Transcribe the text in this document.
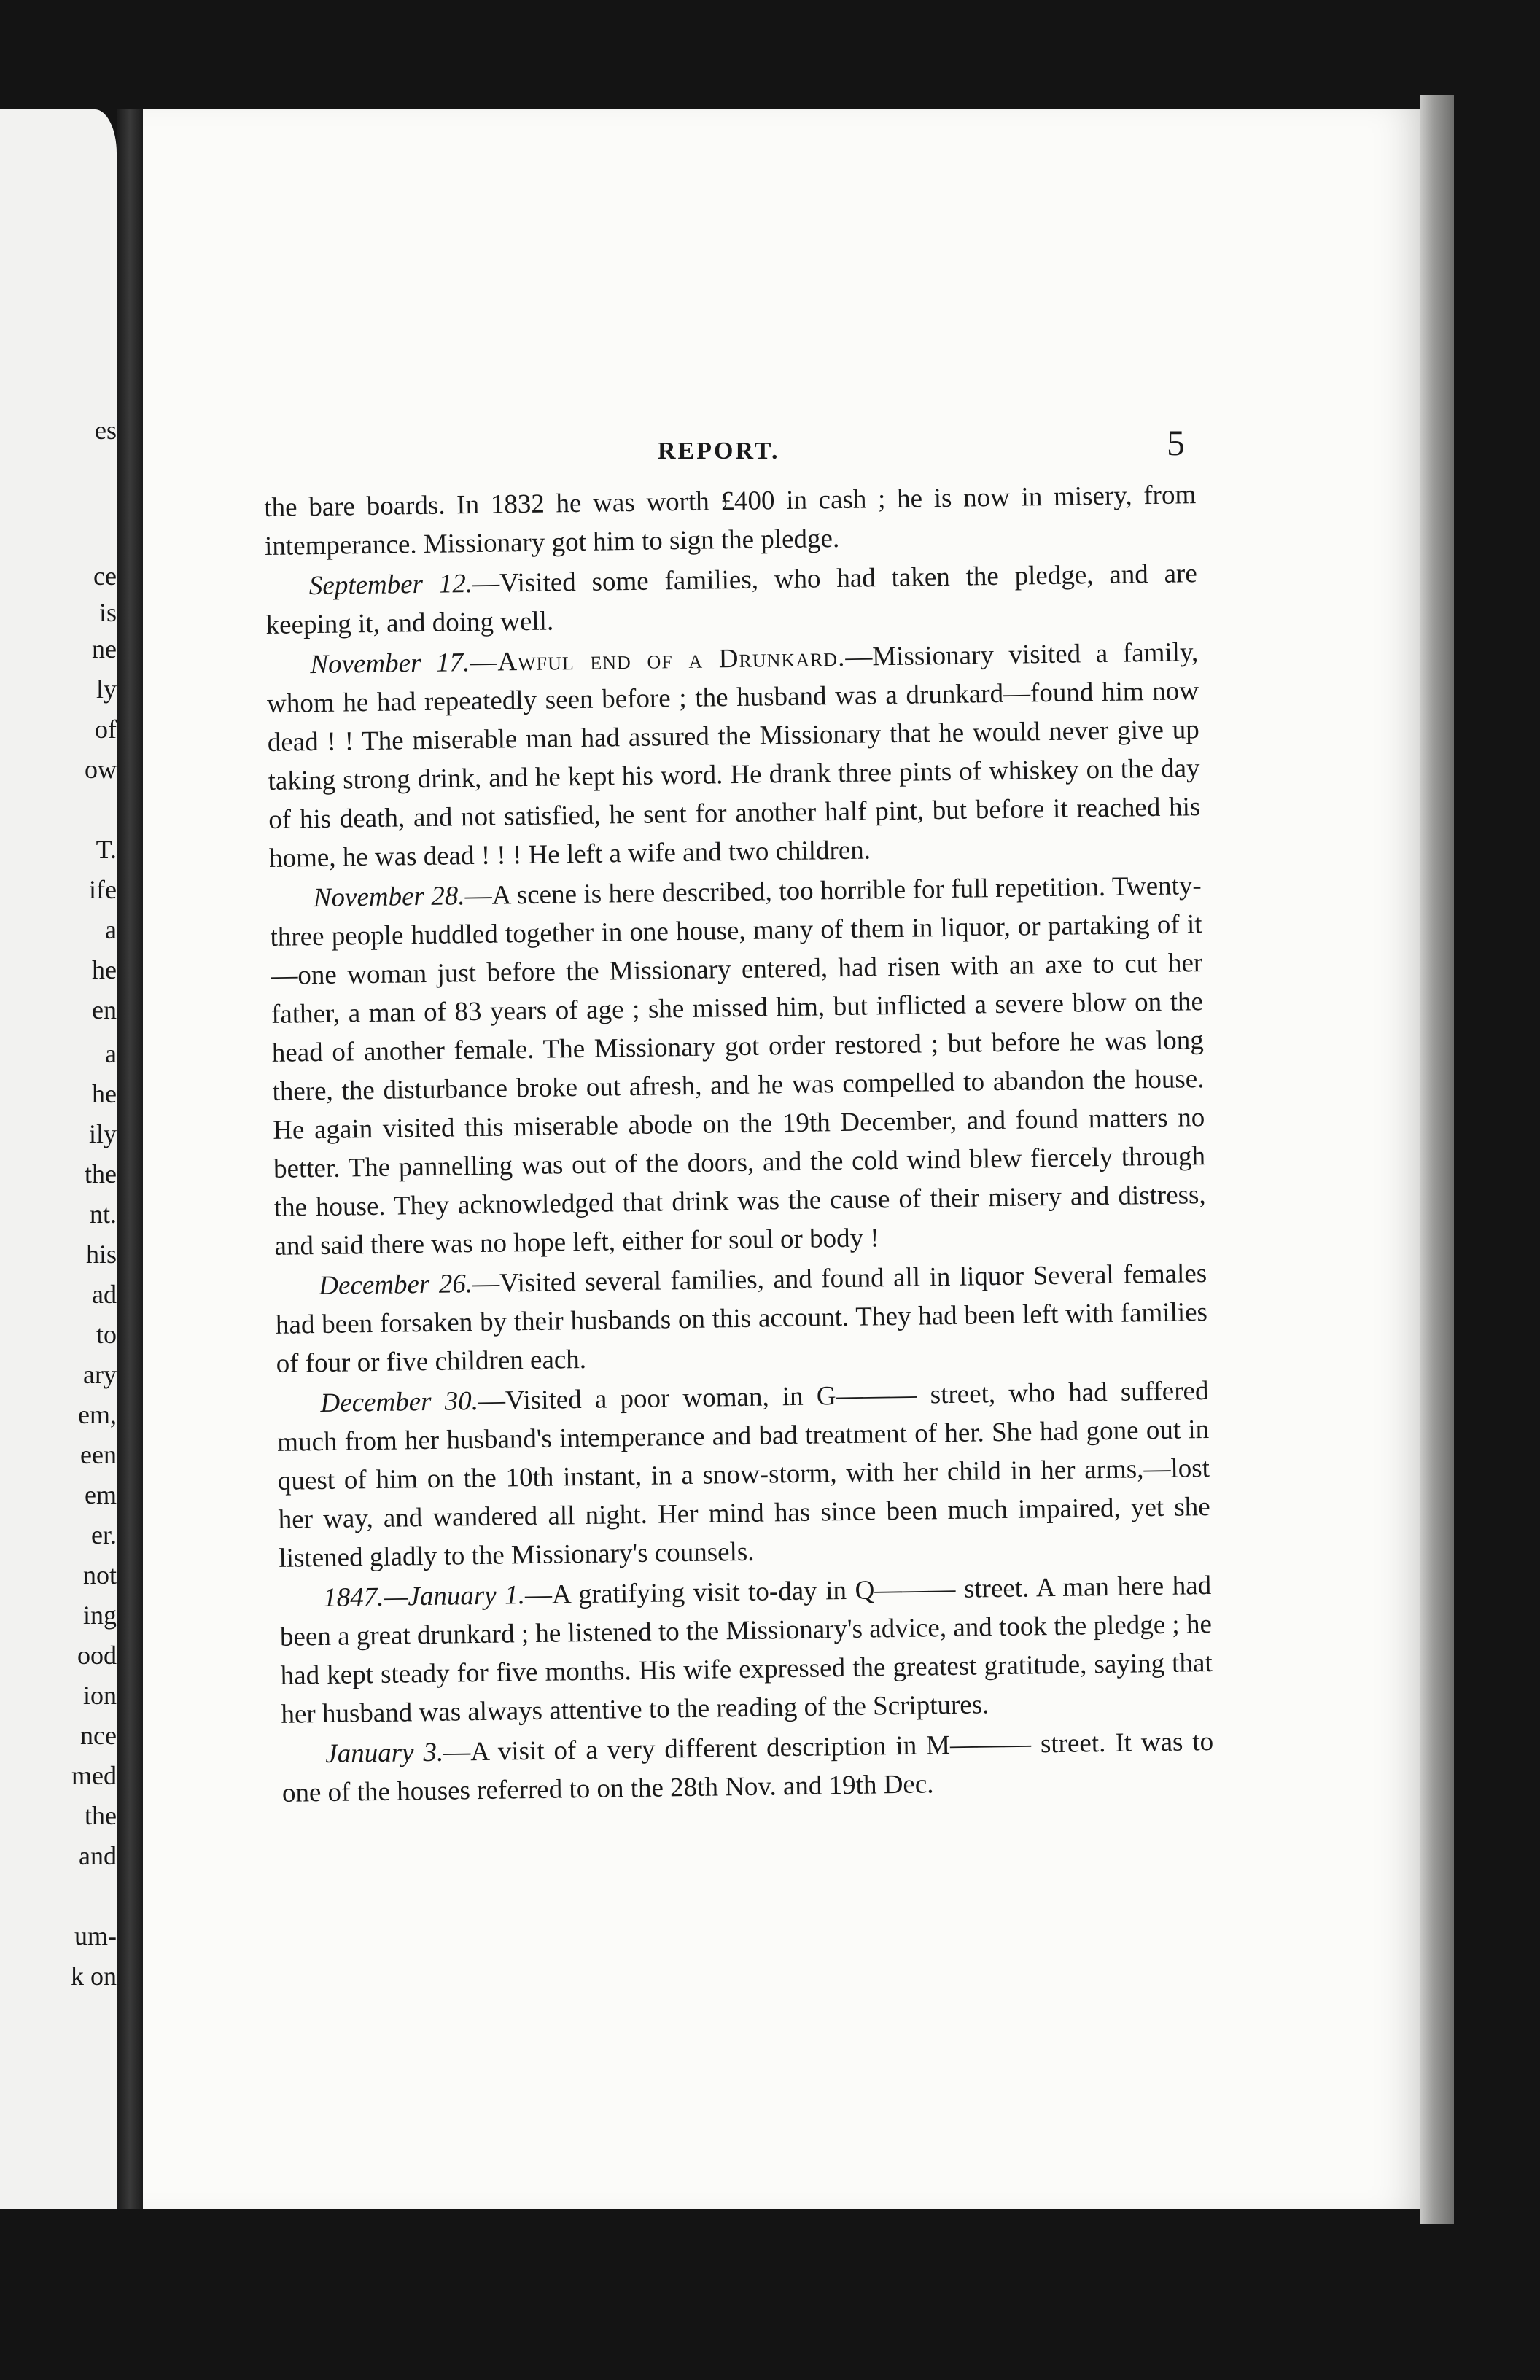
es
ce
is
ne
ly
of
ow
T.
ife
a
he
en
a
he
ily
the
nt.
his
ad
to
ary
em,
een
em
er.
not
ing
ood
ion
nce
med
the
and
um-
k on
REPORT.	5

the bare boards. In 1832 he was worth £400 in cash ; he is now in misery, from intemperance. Missionary got him to sign the pledge.

September 12.—Visited some families, who had taken the pledge, and are keeping it, and doing well.

November 17.—Awful end of a Drunkard.—Missionary visited a family, whom he had repeatedly seen before ; the husband was a drunkard—found him now dead ! ! The miserable man had assured the Missionary that he would never give up taking strong drink, and he kept his word. He drank three pints of whiskey on the day of his death, and not satisfied, he sent for another half pint, but before it reached his home, he was dead ! ! ! He left a wife and two children.

November 28.—A scene is here described, too horrible for full repetition. Twenty-three people huddled together in one house, many of them in liquor, or partaking of it—one woman just before the Missionary entered, had risen with an axe to cut her father, a man of 83 years of age ; she missed him, but inflicted a severe blow on the head of another female. The Missionary got order restored ; but before he was long there, the disturbance broke out afresh, and he was compelled to abandon the house. He again visited this miserable abode on the 19th December, and found matters no better. The pannelling was out of the doors, and the cold wind blew fiercely through the house. They acknowledged that drink was the cause of their misery and distress, and said there was no hope left, either for soul or body !

December 26.—Visited several families, and found all in liquor Several females had been forsaken by their husbands on this account. They had been left with families of four or five children each.

December 30.—Visited a poor woman, in G——— street, who had suffered much from her husband's intemperance and bad treatment of her. She had gone out in quest of him on the 10th instant, in a snow-storm, with her child in her arms,—lost her way, and wandered all night. Her mind has since been much impaired, yet she listened gladly to the Missionary's counsels.

1847.—January 1.—A gratifying visit to-day in Q——— street. A man here had been a great drunkard ; he listened to the Missionary's advice, and took the pledge ; he had kept steady for five months. His wife expressed the greatest gratitude, saying that her husband was always attentive to the reading of the Scriptures.

January 3.—A visit of a very different description in M——— street. It was to one of the houses referred to on the 28th Nov. and 19th Dec.
